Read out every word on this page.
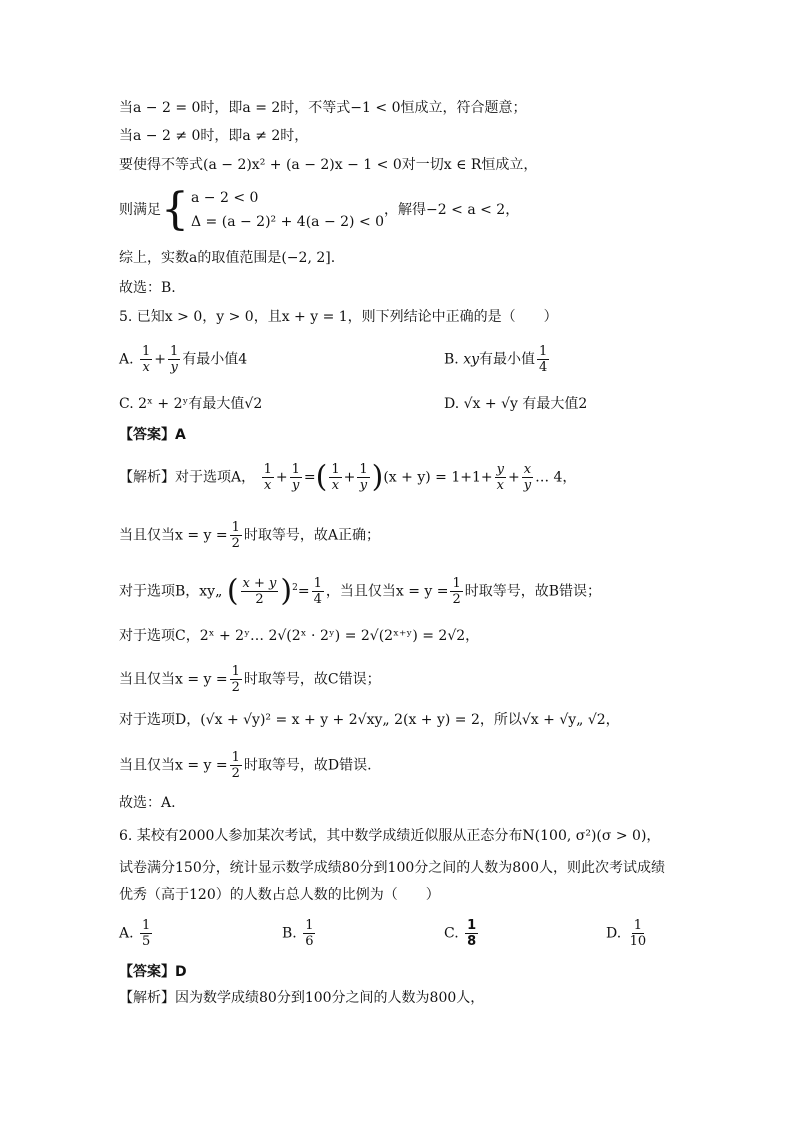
当a − 2 = 0时，即a = 2时，不等式−1 < 0恒成立，符合题意；
当a − 2 ≠ 0时，即a ≠ 2时，
要使得不等式(a − 2)x² + (a − 2)x − 1 < 0对一切x ∈ R恒成立，
则满足{ a − 2 < 0
Δ = (a − 2)² + 4(a − 2) < 0
，解得−2 < a < 2，
综上，实数a的取值范围是(−2, 2].
故选：B.
5. 已知x > 0，y > 0，且x + y = 1，则下列结论中正确的是（　　）
A. $\frac{1}{x} + \frac{1}{y}$ 有最小值4	B. xy有最小值 $\frac{1}{4}$
C. 2ˣ + 2ʸ有最大值√2	D. √x + √y 有最大值2
【答案】A
【解析】对于选项A， $\frac{1}{x} + \frac{1}{y}$ =( $\frac{1}{x} + \frac{1}{y} )(x + y) = 1+1+ \frac{y}{x} + \frac{x}{y}$ … 4，
当且仅当$x = y = \frac{1}{2}$ 时取等号，故A正确；
对于选项B，xy„ ( $\frac{x + y}{2} )^2= \frac{1}{4}$ ，当且仅当$x = y = \frac{1}{2}$ 时取等号，故B错误；
对于选项C，2ˣ + 2ʸ… 2√(2ˣ · 2ʸ) = 2√(2ˣ⁺ʸ) = 2√2，
当且仅当$x = y = \frac{1}{2}$ 时取等号，故C错误；
对于选项D，(√x + √y)² = x + y + 2√xy„ 2(x + y) = 2，所以√x + √y„ √2，
当且仅当$x = y = \frac{1}{2}$ 时取等号，故D错误.
故选：A.
6. 某校有2000人参加某次考试，其中数学成绩近似服从正态分布N(100, σ²)(σ > 0)，
试卷满分150分，统计显示数学成绩80分到100分之间的人数为800人，则此次考试成绩
优秀（高于120）的人数占总人数的比例为（　　）
A. $\frac{1}{5}$	B. $\frac{1}{6}$	C. $\frac{1}{8}$	D. $\frac{1}{10}$
【答案】D
【解析】因为数学成绩80分到100分之间的人数为800人，
